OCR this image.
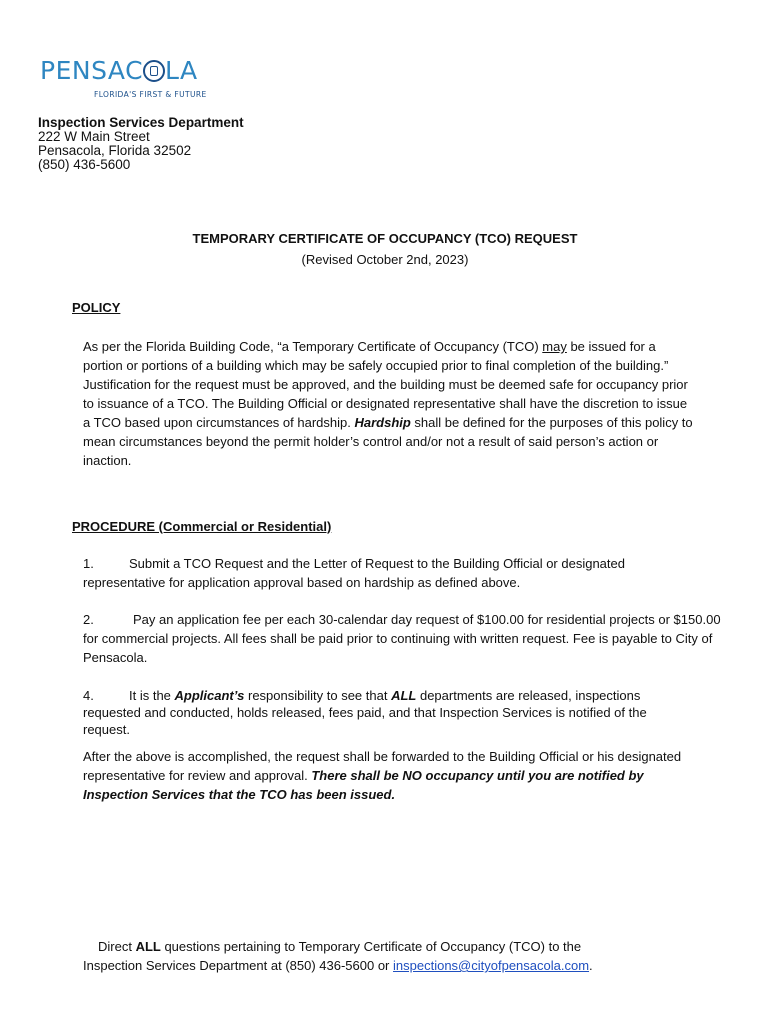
PENSAC LA
FLORIDA'S FIRST & FUTURE
Inspection Services Department
222 W Main Street
Pensacola, Florida 32502
(850) 436-5600
TEMPORARY CERTIFICATE OF OCCUPANCY (TCO) REQUEST
(Revised October 2nd, 2023)
POLICY
As per the Florida Building Code, “a Temporary Certificate of Occupancy (TCO) may be issued for a portion or portions of a building which may be safely occupied prior to final completion of the building.” Justification for the request must be approved, and the building must be deemed safe for occupancy prior to issuance of a TCO. The Building Official or designated representative shall have the discretion to issue a TCO based upon circumstances of hardship. Hardship shall be defined for the purposes of this policy to mean circumstances beyond the permit holder’s control and/or not a result of said person’s action or inaction.
PROCEDURE (Commercial or Residential)
1.	Submit a TCO Request and the Letter of Request to the Building Official or designated representative for application approval based on hardship as defined above.
2.	Pay an application fee per each 30-calendar day request of $100.00 for residential projects or $150.00 for commercial projects. All fees shall be paid prior to continuing with written request. Fee is payable to City of Pensacola.
4.	It is the Applicant’s responsibility to see that ALL departments are released, inspections requested and conducted, holds released, fees paid, and that Inspection Services is notified of the request.
After the above is accomplished, the request shall be forwarded to the Building Official or his designated representative for review and approval. There shall be NO occupancy until you are notified by Inspection Services that the TCO has been issued.
Direct ALL questions pertaining to Temporary Certificate of Occupancy (TCO) to the
Inspection Services Department at (850) 436-5600 or inspections@cityofpensacola.com.
